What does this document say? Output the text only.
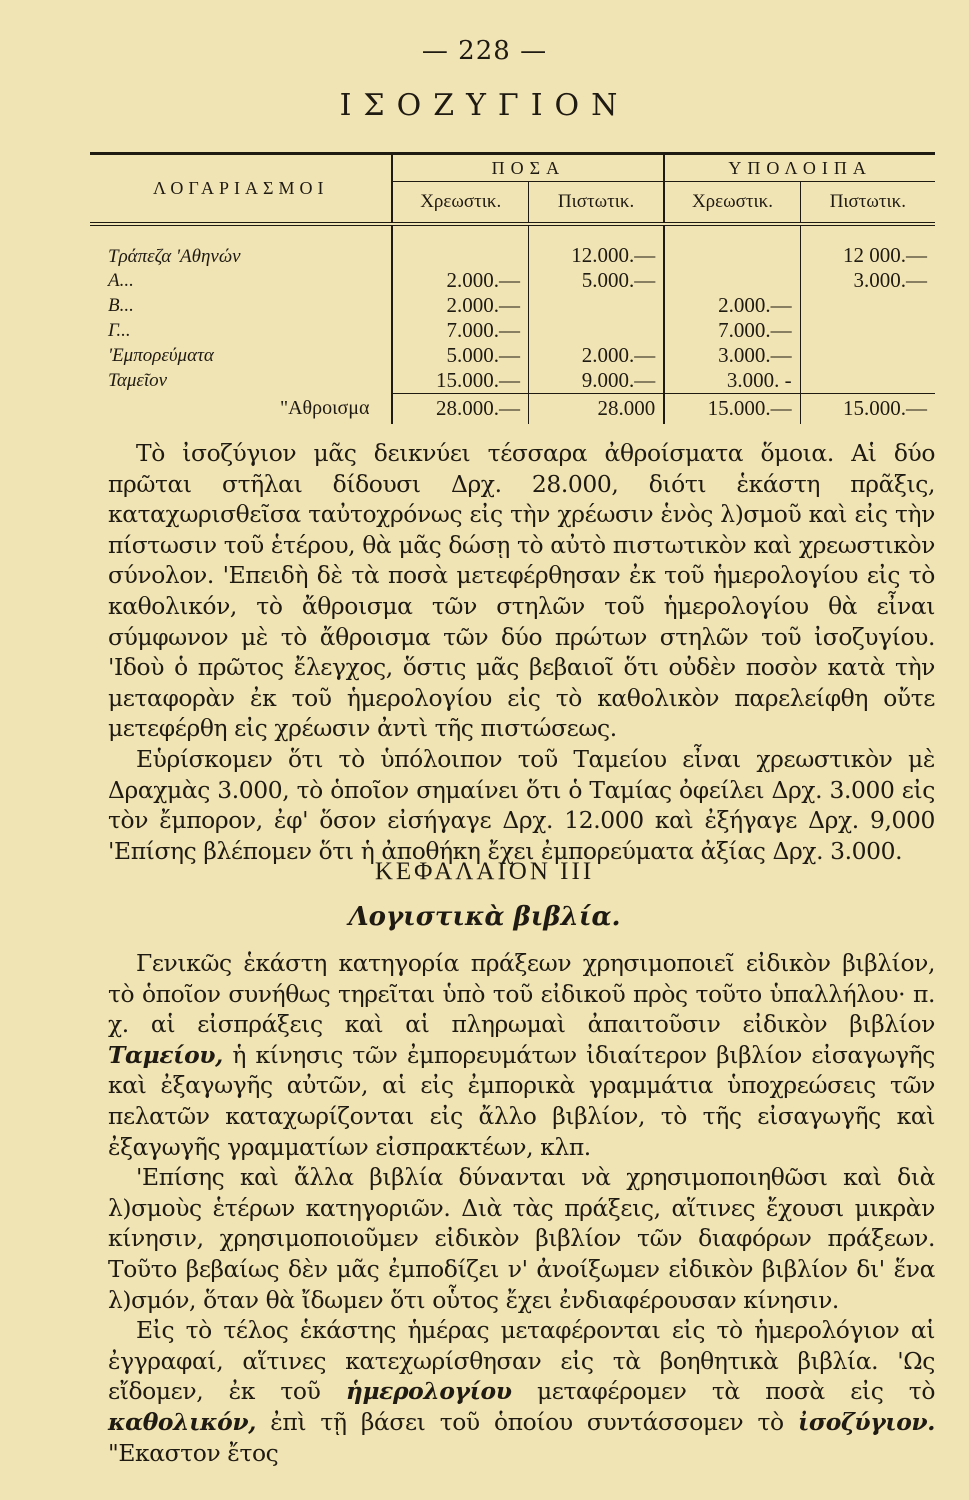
— 228 —
ΙΣΟΖΥΓΙΟΝ
ΛΟΓΑΡΙΑΣΜΟΙ	ΠΟΣΑ		ΥΠΟΛΟΙΠΑ	
	Χρεωστικ.	Πιστωτικ.	Χρεωστικ.	Πιστωτικ.

Τράπεζα 'Αθηνών		12.000.—		12 000.—
Α...	2.000.—	5.000.—		3.000.—
Β...	2.000.—		2.000.—	
Γ...	7.000.—		7.000.—	
'Εμπορεύματα	5.000.—	2.000.—	3.000.—	
Ταμεῖον	15.000.—	9.000.—	3.000. -	
"Αθροισμα	28.000.—	28.000	15.000.—	15.000.—

Τὸ ἰσοζύγιον μᾶς δεικνύει τέσσαρα ἀθροίσματα ὅμοια. Αἱ δύο πρῶται στῆλαι δίδουσι Δρχ. 28.000, διότι ἑκάστη πρᾶξις, καταχωρισθεῖσα ταὐτοχρόνως εἰς τὴν χρέωσιν ἑνὸς λ)σμοῦ καὶ εἰς τὴν πίστωσιν τοῦ ἑτέρου, θὰ μᾶς δώσῃ τὸ αὐτὸ πιστωτικὸν καὶ χρεωστικὸν σύνολον. 'Επειδὴ δὲ τὰ ποσὰ μετεφέρθησαν ἐκ τοῦ ἡμερολογίου εἰς τὸ καθολικόν, τὸ ἄθροισμα τῶν στηλῶν τοῦ ἡμερολογίου θὰ εἶναι σύμφωνον μὲ τὸ ἄθροισμα τῶν δύο πρώτων στηλῶν τοῦ ἰσοζυγίου. 'Ιδοὺ ὁ πρῶτος ἔλεγχος, ὅστις μᾶς βεβαιοῖ ὅτι οὐδὲν ποσὸν κατὰ τὴν μεταφορὰν ἐκ τοῦ ἡμερολογίου εἰς τὸ καθολικὸν παρελείφθη οὔτε μετεφέρθη εἰς χρέωσιν ἀντὶ τῆς πιστώσεως.

Εὑρίσκομεν ὅτι τὸ ὑπόλοιπον τοῦ Ταμείου εἶναι χρεωστικὸν μὲ Δραχμὰς 3.000, τὸ ὁποῖον σημαίνει ὅτι ὁ Ταμίας ὀφείλει Δρχ. 3.000 εἰς τὸν ἔμπορον, ἐφ' ὅσον εἰσήγαγε Δρχ. 12.000 καὶ ἐξήγαγε Δρχ. 9,000 'Επίσης βλέπομεν ὅτι ἡ ἀποθήκη ἔχει ἐμπορεύματα ἀξίας Δρχ. 3.000.

ΚΕΦΑΛΑΙΟΝ III
Λογιστικὰ βιβλία.

Γενικῶς ἑκάστη κατηγορία πράξεων χρησιμοποιεῖ εἰδικὸν βιβλίον, τὸ ὁποῖον συνήθως τηρεῖται ὑπὸ τοῦ εἰδικοῦ πρὸς τοῦτο ὑπαλλήλου· π. χ. αἱ εἰσπράξεις καὶ αἱ πληρωμαὶ ἀπαιτοῦσιν εἰδικὸν βιβλίον Ταμείου, ἡ κίνησις τῶν ἐμπορευμάτων ἰδιαίτερον βιβλίον εἰσαγωγῆς καὶ ἐξαγωγῆς αὐτῶν, αἱ εἰς ἐμπορικὰ γραμμάτια ὑποχρεώσεις τῶν πελατῶν καταχωρίζονται εἰς ἄλλο βιβλίον, τὸ τῆς εἰσαγωγῆς καὶ ἐξαγωγῆς γραμματίων εἰσπρακτέων, κλπ.

'Επίσης καὶ ἄλλα βιβλία δύνανται νὰ χρησιμοποιηθῶσι καὶ διὰ λ)σμοὺς ἑτέρων κατηγοριῶν. Διὰ τὰς πράξεις, αἵτινες ἔχουσι μικρὰν κίνησιν, χρησιμοποιοῦμεν εἰδικὸν βιβλίον τῶν διαφόρων πράξεων. Τοῦτο βεβαίως δὲν μᾶς ἐμποδίζει ν' ἀνοίξωμεν εἰδικὸν βιβλίον δι' ἕνα λ)σμόν, ὅταν θὰ ἴδωμεν ὅτι οὗτος ἔχει ἐνδιαφέρουσαν κίνησιν.

Εἰς τὸ τέλος ἑκάστης ἡμέρας μεταφέρονται εἰς τὸ ἡμερολόγιον αἱ ἐγγραφαί, αἵτινες κατεχωρίσθησαν εἰς τὰ βοηθητικὰ βιβλία. 'Ως εἴδομεν, ἐκ τοῦ ἡμερολογίου μεταφέρομεν τὰ ποσὰ εἰς τὸ καθολικόν, ἐπὶ τῇ βάσει τοῦ ὁποίου συντάσσομεν τὸ ἰσοζύγιον. "Εκαστον ἔτος
